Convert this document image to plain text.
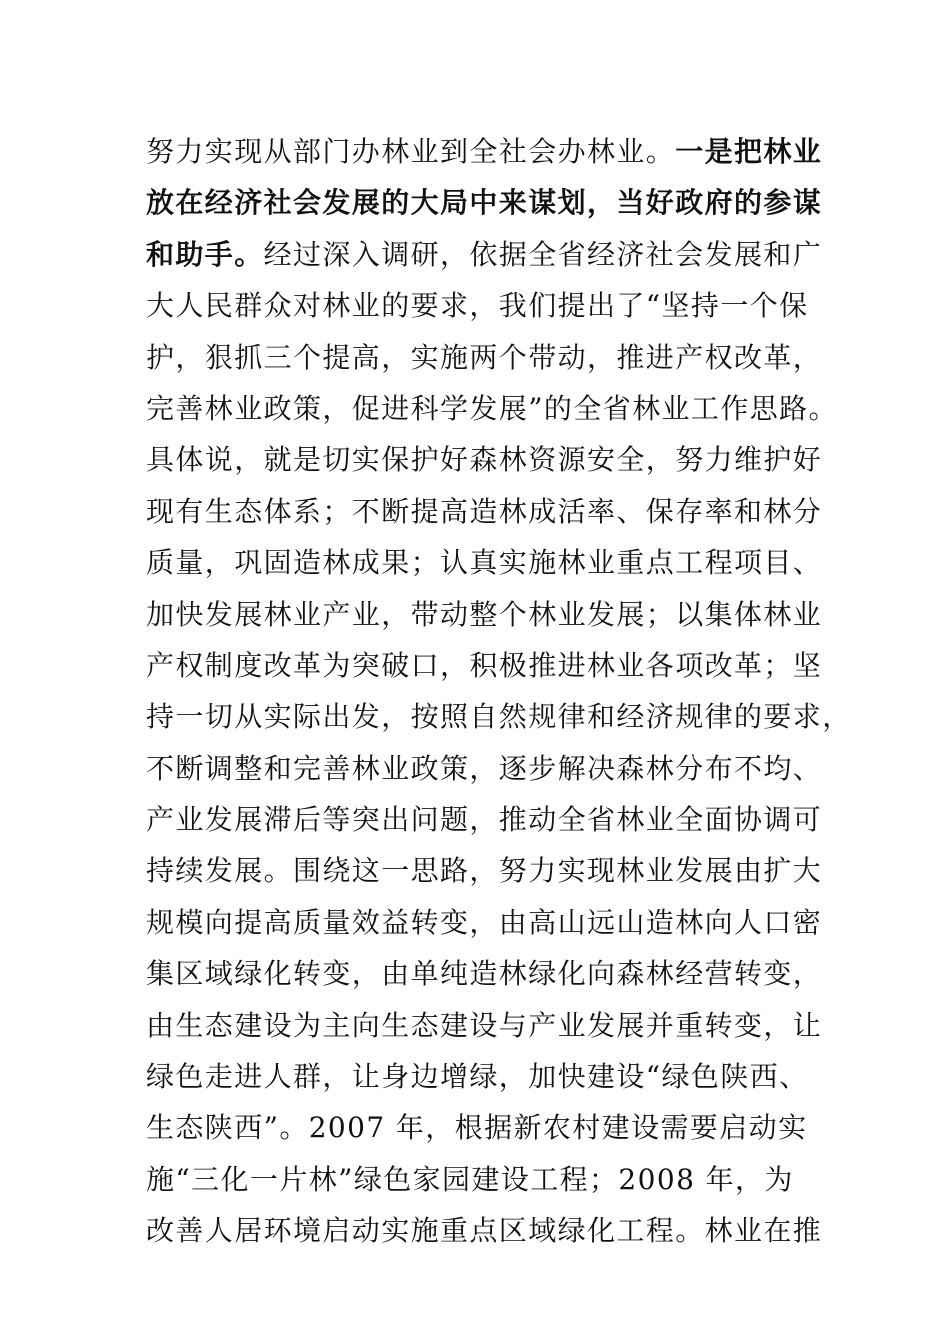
努力实现从部门办林业到全社会办林业。一是把林业
放在经济社会发展的大局中来谋划，当好政府的参谋
和助手。经过深入调研，依据全省经济社会发展和广
大人民群众对林业的要求，我们提出了“坚持一个保
护，狠抓三个提高，实施两个带动，推进产权改革，
完善林业政策，促进科学发展”的全省林业工作思路。
具体说，就是切实保护好森林资源安全，努力维护好
现有生态体系；不断提高造林成活率、保存率和林分
质量，巩固造林成果；认真实施林业重点工程项目、
加快发展林业产业，带动整个林业发展；以集体林业
产权制度改革为突破口，积极推进林业各项改革；坚
持一切从实际出发，按照自然规律和经济规律的要求，
不断调整和完善林业政策，逐步解决森林分布不均、
产业发展滞后等突出问题，推动全省林业全面协调可
持续发展。围绕这一思路，努力实现林业发展由扩大
规模向提高质量效益转变，由高山远山造林向人口密
集区域绿化转变，由单纯造林绿化向森林经营转变，
由生态建设为主向生态建设与产业发展并重转变，让
绿色走进人群，让身边增绿，加快建设“绿色陕西、
生态陕西”。2007 年，根据新农村建设需要启动实
施“三化一片林”绿色家园建设工程；2008 年，为
改善人居环境启动实施重点区域绿化工程。林业在推
